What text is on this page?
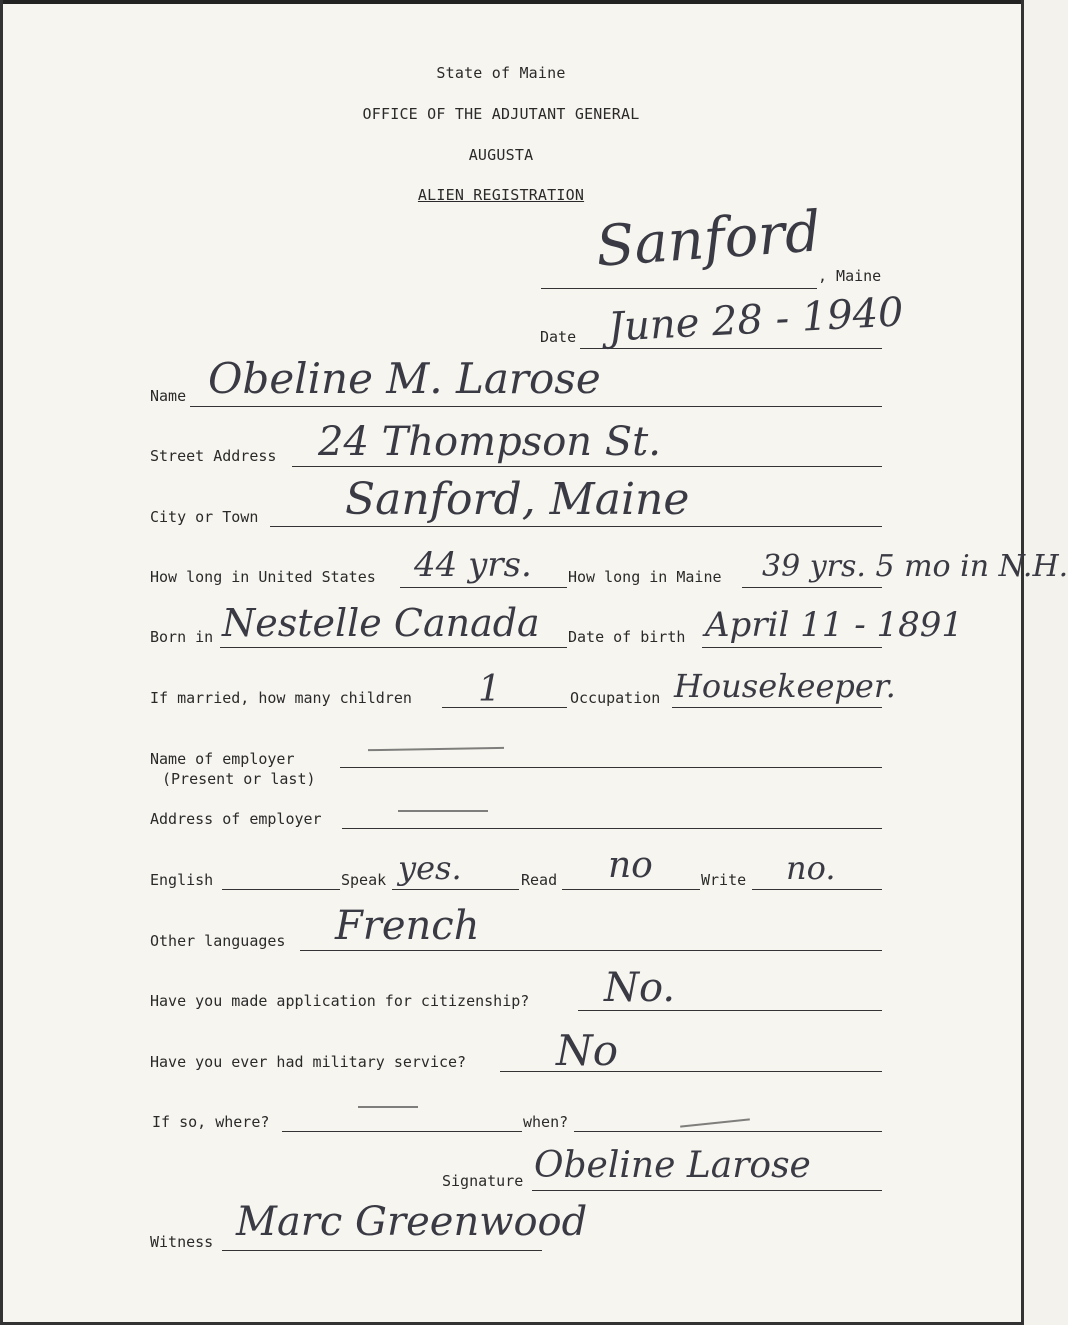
State of Maine
OFFICE OF THE ADJUTANT GENERAL
AUGUSTA
ALIEN REGISTRATION
Sanford
, Maine
Date June 28 - 1940
Name Obeline M. Larose
Street Address 24 Thompson St.
City or Town Sanford, Maine
How long in United States 44 yrs. How long in Maine 39 yrs. 5 mo in N.H.
Born in Nestelle Canada Date of birth April 11 - 1891
If married, how many children 1	Occupation Housekeeper.
Name of employer
(Present or last)
Address of employer
English	Speak yes.	Read no	Write no.
Other languages French
Have you made application for citizenship? No.
Have you ever had military service? No
If so, where?	when?
Signature Obeline Larose
Witness Marc Greenwood
